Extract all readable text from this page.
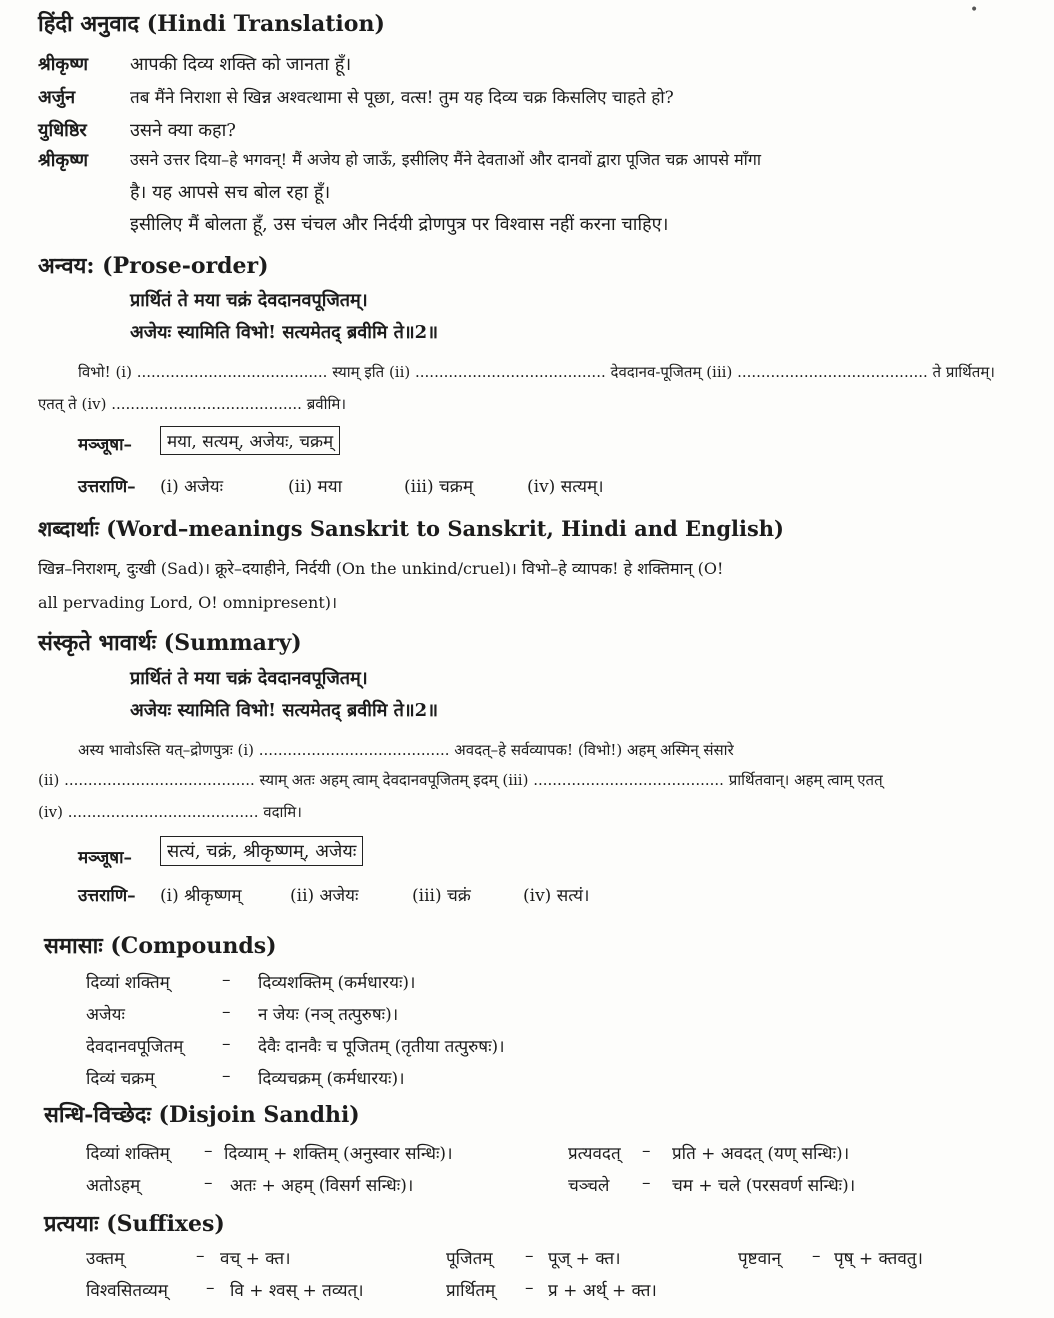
•
हिंदी अनुवाद (Hindi Translation)
श्रीकृष्ण आपकी दिव्य शक्ति को जानता हूँ।
अर्जुन	तब मैंने निराशा से खिन्न अश्वत्थामा से पूछा, वत्स! तुम यह दिव्य चक्र किसलिए चाहते हो?
युधिष्ठिर उसने क्या कहा?
श्रीकृष्ण	उसने उत्तर दिया–हे भगवन्! मैं अजेय हो जाऊँ, इसीलिए मैंने देवताओं और दानवों द्वारा पूजित चक्र आपसे माँगा
है। यह आपसे सच बोल रहा हूँ।
इसीलिए मैं बोलता हूँ, उस चंचल और निर्दयी द्रोणपुत्र पर विश्वास नहीं करना चाहिए।
अन्वय: (Prose-order)
प्रार्थितं ते मया चक्रं देवदानवपूजितम्।
अजेयः स्यामिति विभो! सत्यमेतद् ब्रवीमि ते॥2॥
विभो! (i) ........................................ स्याम् इति (ii) ........................................ देवदानव-पूजितम् (iii) ........................................ ते प्रार्थितम्।
एतत् ते (iv) ........................................ ब्रवीमि।
मञ्जूषा–	मया, सत्यम्, अजेयः, चक्रम्
उत्तराणि– (i) अजेयः	(ii) मया	(iii) चक्रम्	(iv) सत्यम्।
शब्दार्थाः (Word–meanings Sanskrit to Sanskrit, Hindi and English)
खिन्न–निराशम्, दुःखी (Sad)। क्रूरे–दयाहीने, निर्दयी (On the unkind/cruel)। विभो–हे व्यापक! हे शक्तिमान् (O!
all pervading Lord, O! omnipresent)।
संस्कृते भावार्थः (Summary)
प्रार्थितं ते मया चक्रं देवदानवपूजितम्।
अजेयः स्यामिति विभो! सत्यमेतद् ब्रवीमि ते॥2॥
अस्य भावोऽस्ति यत्–द्रोणपुत्रः (i) ........................................ अवदत्–हे सर्वव्यापक! (विभो!) अहम् अस्मिन् संसारे
(ii) ........................................ स्याम् अतः अहम् त्वाम् देवदानवपूजितम् इदम् (iii) ........................................ प्रार्थितवान्। अहम् त्वाम् एतत्
(iv) ........................................ वदामि।
मञ्जूषा–	सत्यं, चक्रं, श्रीकृष्णम्, अजेयः
उत्तराणि– (i) श्रीकृष्णम्	(ii) अजेयः	(iii) चक्रं	(iv) सत्यं।
समासाः (Compounds)
दिव्यां शक्तिम्	– दिव्यशक्तिम् (कर्मधारयः)।
अजेयः	– न जेयः (नञ् तत्पुरुषः)।
देवदानवपूजितम् – देवैः दानवैः च पूजितम् (तृतीया तत्पुरुषः)।
दिव्यं चक्रम्	– दिव्यचक्रम् (कर्मधारयः)।
सन्धि-विच्छेदः (Disjoin Sandhi)
दिव्यां शक्तिम् – दिव्याम् + शक्तिम् (अनुस्वार सन्धिः)।	प्रत्यवदत् – प्रति + अवदत् (यण् सन्धिः)।
अतोऽहम्	– अतः + अहम् (विसर्ग सन्धिः)।	चञ्चले – चम + चले (परसवर्ण सन्धिः)।
प्रत्ययाः (Suffixes)
उक्तम्	– वच् + क्त।	पूजितम् – पूज् + क्त।	पृष्टवान् – पृष् + क्तवतु।
विश्वसितव्यम् – वि + श्वस् + तव्यत्।	प्रार्थितम् – प्र + अर्थ् + क्त।
